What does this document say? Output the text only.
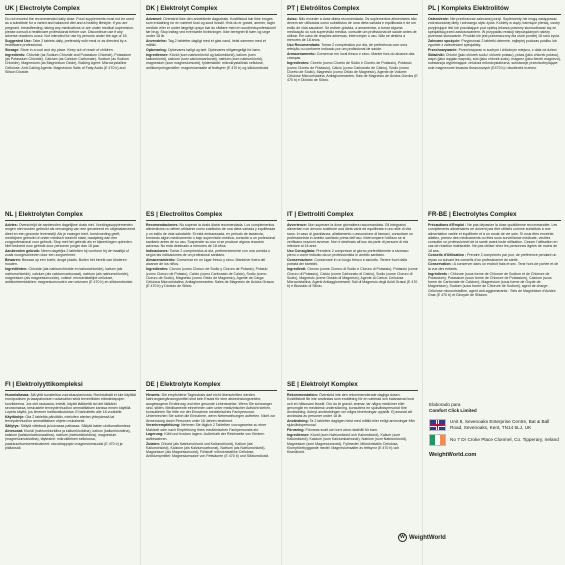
UK | Electrolyte Complex
Do not exceed the recommended daily dose. Food supplements must not be used as a substitute for a varied and balanced diet and a healthy lifestyle. If you are pregnant, breastfeeding, taking any medications or are under medical supervision, please consult a healthcare professional before use. Discontinue use if any adverse reactions occur. Not intended for use by persons under the age of 18.
Suggested Use: Take 2 tablets daily, preferably with meal or as directed by a healthcare professional.
Storage: Store in a cool and dry place. Keep out of reach of children.
Ingredients: Chloride (as Sodium Chloride and Potassium Chloride), Potassium (as Potassium Chloride), Calcium (as Calcium Carbonate), Sodium (as Sodium Chloride), Magnesium (as Magnesium Oxide), Bulking Agent: Microcrystalline Cellulose, Anti-Caking Agents: Magnesium Salts of Fatty Acids (E 470 b) and Silicon Dioxide.
DK | Elektrolyt Complex
Advarsel: Overskrid ikke den anbefalede dagsdosis. Kosttilskud bør ikke bruges som erstatning for en varieret kost og sund livsstil. Hvis du er gravid, ammer, tager medicin eller er under lægeligt opsyn bør du rådføre med en sundhedsprofessionel før brug. Stop indtag ved eventuelle bivirkninger. Ikke beregnet til børn og unge under 18 år.
Anvendelse: Tag 2 tabletter dagligt med et glas vand, helst sammen med et måltid.
Opbevaring: Opbevares køligt og tørt. Opbevares utilgængeligt for børn.
Ingredienser: Klorid (som natriumklorid og kaliumklorid), kalium (som kaliumklorid), calcium (som calciumcarbonat), natrium (som natriumklorid), magnesium (som magnesiumoxid), fyldemiddel: mikrokrystallinsk cellulose, antiklumpningsmidler: magnesiumsalte af fedtsyrer (E 470 b) og siliciumdioxid.
PT | Eletrólitos Complex
Aviso: Não exceder a dose diária recomendada. Os suplementos alimentares não devem ser utilizados como substitutos de uma dieta variada e equilibrada e de um estilo de vida saudável. Se estiver grávida, a amamentar, a tomar alguma medicação ou sob supervisão médica, consulte um profissional de saúde antes de utilizar. Em caso de reações adversas, interromper o uso. Não se destina a menores de 18 anos.
Uso Recomendado: Tomar 2 comprimidos por dia, de preferência com uma refeição ou conforme indicado por um profissional de saúde.
Armazenamento: Conservar em local fresco e seco. Manter fora do alcance das crianças.
Ingredientes: Cloreto (como Cloreto de Sódio e Cloreto de Potássio), Potássio (como Cloreto de Potássio), Cálcio (como Carbonato de Cálcio), Sódio (como Cloreto de Sódio), Magnésio (como Óxido de Magnésio), Agente de Volume: Celulose Microcristalina, Antiaglomerantes: Sais de Magnésio de Ácidos Gordos (E 470 b) e Dióxido de Silício.
PL | Kompleks Elektrolitów
Ostrzeżenie: Nie przekraczać zalecanej porcji. Suplementy nie mogą zastępować zróżnicowanej diety i zdrowego stylu życia. Kobiety w ciąży, karmiące piersią, osoby przyjmujące leki lub pozostające pod opieką lekarza powinny skonsultować się ze specjalistą przed zastosowaniem. W przypadku reakcji niepożądanych należy przerwać stosowanie. Produkt nie jest przeznaczony dla osób poniżej 18 roku życia.
Zalecane spożycie: Przyjmować 2 tabletki dziennie, najlepiej podczas posiłku lub zgodnie z zaleceniami specjalisty.
Przechowywanie: Przechowywać w suchym i chłodnym miejscu, z dala od dzieci.
Składniki: Chlorki (jako chlorek sodu i chlorek potasu), potas (jako chlorek potasu), wapń (jako węglan wapnia), sód (jako chlorek sodu), magnez (jako tlenek magnezu), substancja wypełniająca: celuloza mikrokrystaliczna, substancje przeciwzbrylające: sole magnezowe kwasów tłuszczowych (E470 b) i dwutlenek krzemu.
NL | Elektrolyten Complex
Advies: Overschrijd de aanbevolen dagelijkse dosis niet. Voedingssupplementen mogen niet worden gebruikt als vervanging van een gevarieerd en uitgebalanceerd dieet en een gezonde levensstijl. Als je zwanger bent, borstvoeding geeft, medicijnen gebruikt of onder medisch toezicht staat, raadpleeg dan een zorgprofessional voor gebruik. Stop met het gebruik als er bijwerkingen optreden. Niet bedoeld voor gebruik door personen jonger dan 18 jaar.
Aanbevolen gebruik: Neem dagelijks 2 tabletten bij voorkeur bij de maaltijd of zoals voorgeschreven door een zorgverlener.
Bewaren: Bewaar op een koele, droge plaats. Buiten het bereik van kinderen houden.
Ingrediënten: Chloride (als natriumchloride en kaliumchloride), kalium (als natriumchloride), calcium (als calciumcarbonaat), natrium (als natriumchloride), magnesium (als magnesiumoxide), vulstof: microkristallijne cellulose, antiklontermiddelen: magnesiumzouten van vetzuren (E 470 b) en siliciumdioxide.
ES | Electrolitos Complex
Recomendaciones: No superar la dosis diaria recomendada. Los complementos alimenticios no deben utilizarse como sustitutos de una dieta variada y equilibrada y un estilo de vida saludable. Si está embarazada, en periodo de lactancia, tomando algún medicamento o bajo supervisión médica, consulte a un profesional sanitario antes de su uso. Suspender su uso si se produce alguna reacción adversa. No está destinado a menores de 18 años.
Indicaciones: Tomar 2 comprimidos al día, preferentemente con una comida o según las indicaciones de un profesional sanitario.
Almacenamiento: Conservar en un lugar fresco y seco. Mantener fuera del alcance de los niños.
Ingredientes: Cloruro (como Cloruro de Sodio y Cloruro de Potasio), Potasio (como Cloruro de Potasio), Calcio (como Carbonato de Calcio), Sodio (como Cloruro de Sodio), Magnesio (como Óxido de Magnesio), Agente de Carga: Celulosa Microcristalina, Antiaglomerantes: Sales de Magnesio de Ácidos Grasos (E 470 b) y Dióxido de Silicio.
IT | Elettroliti Complex
Avvertenze: Non superare la dose giornaliera raccomandata. Gli integratori alimentari non devono sostituire una dieta varia ed equilibrata e uno stile di vita sano. In caso di gravidanza, allattamento o assunzione di farmaci, consultare un professionista in ambito sanitario prima dell'uso. Interrompere l'utilizzo se si verificano reazioni avverse. Non è destinato all'uso da parte di persone di età inferiore ai 18 anni.
Uso Consigliato: Prendere 2 compresse al giorno preferibilmente a stomaco pieno o come indicato da un professionista in ambito sanitario.
Conservazione: Conservare in un luogo fresco e asciutto. Tenere fuori dalla portata dei bambini.
Ingredienti: Cloruro (come Cloruro di Sodio e Cloruro di Potassio), Potassio (come Cloruro di Potassio), Calcio (come Carbonato di Calcio), Sodio (come Cloruro di Sodio), Magnesio (come Ossido di Magnesio), Agente di Carica: Cellulosa Microcristallina, Agenti Antiagglomeranti: Sali di Magnesio degli Acidi Grassi (E 470 b) e Biossido di Silicio.
FR-BE | Électrolytes Complex
Précautions d'Emploi : Ne pas dépasser la dose quotidienne recommandée. Les compléments alimentaires ne doivent pas être utilisés comme substituts à une alimentation variée et équilibrée et à un mode de vie sain. Si vous êtes enceinte, allaitez, prenez des médicaments ou êtes sous surveillance médicale, veuillez consulter un professionnel de la santé avant toute utilisation. Cesser l'utilisation en cas de réaction indésirable. Ne pas utiliser chez les personnes âgées de moins de 18 ans.
Conseils d'Utilisation : Prendre 2 comprimés par jour, de préférence pendant un repas ou suivant les conseils d'un professionnel de santé.
Conservation : A conserver dans un endroit frais et sec. Tenir hors de portée et de la vue des enfants.
Ingrédients : Chlorure (sous forme de Chlorure de Sodium et de Chlorure de Potassium), Potassium (sous forme de Chlorure de Potassium), Calcium (sous forme de Carbonate de Calcium), Magnésium (sous forme de Oxyde de Magnésium), Sodium (sous forme de Chlorure de Sodium), agent de charge : Cellulose microcristalline, agent anti-agglomérants : Sels de Magnésium d'Acides Gras (E 470 b) et Dioxyde de Silicium.
FI | Elektrolyyttikompleksi
Huomioitavaa: Älä ylitä suositeltua vuorokausiannosta. Ravintolisää ei tule käyttää monipuolisen ja tasapainoisen ruokavalion sekä terveellisten elämäntapojen korvikkeena. Jos olet raskaana, imetät, käytät lääkkeitä tai olet lääkärin seurannassa, keskustele terveydenhuollon ammattilaisen kanssa ennen käyttöä. Lopeta käyttö, jos ilmenee haittavaikutuksia. Ei tarkoitettu alle 18-vuotiaille.
Käyttöohje: Ota 2 tablettia päivittäin, mieluiten aterian yhteydessä tai terveydenhuollon ammattilaisen ohjeen mukaisesti.
Säilytys: Säilytä viileässä ja kuivassa paikassa. Säilytä lasten ulottumattomissa.
Ainesosat: Kloridi (natriumkloridina ja kaliumkloridina), kalium (kaliumkloridina), kalsium (kalsiumkarbonaattina), natrium (natriumkloridina), magnesium (magnesiumoksidina), täyteaine: mikrokiteinen selluloosa, paakkuuntumisenestoaineet: rasvahappojen magnesiumsuolat (E 470 b) ja piidioksidi.
DE | Elektrolyte Komplex
Hinweis: Die empfohlene Tagesdosis darf nicht überschritten werden. Nahrungsergänzungsmittel sind kein Ersatz für eine abwechslungsreiche, ausgewogene Ernährung und eine gesunde Lebensweise. Wenn Sie schwanger sind, stillen, Medikamente einnehmen oder unter medizinischer Aufsicht stehen, konsultieren Sie bitte vor der Einnahme medizinisches Fachpersonal. Unterbrechen Sie sofort die Einnahme, wenn Nebenwirkungen auftreten. Nicht zur Anwendung durch Personen unter 18 Jahren bestimmt.
Verzehrempfehlung: Nehmen Sie täglich 2 Tabletten vorzugsweise zu einer Mahlzeit oder nach Empfehlung Ihres medizinischen Fachpersonals ein.
Lagerung: Kühl und trocken lagern. Außerhalb der Reichweite von Kindern aufbewahren.
Zutaten: Chlorid (als Natriumchlorid und Kaliumchlorid), Kalium (als Kaliumchlorid), Kalzium (als Kalziumcarbonat), Natrium (als Natriumchlorid), Magnesium (als Magnesiumoxid), Füllstoff: mikrokristalline Cellulose, Antiklumpmittel: Magnesiumsalze von Fettsäuren (E 470 b) und Siliziumdioxid.
SE | Elektrolyt Komplex
Rekommendation: Överskrid inte den rekommenderade dagliga dosen. Kosttillskott får inte användas som ersättning för en varierad och balanserad kost och en hälsosam livsstil. Om du är gravid, ammar, tar några mediciner eller genomgår en medicinsk undersökning, konsultera en sjukvårdspersonal före användning. Avbryt användningen om några biverkningar uppstår. Ej avsedd att användas av personer under 18 år.
Användning: Ta 2 tabletter dagligen helst med måltid eller enligt anvisningar från sjukvårdspersonal.
Förvaring: Förvaras svalt och torrt utom räckhåll för barn.
Ingredienser: Klorid (som Natriumklorid och Kaliumklorid), Kalium (som Kaliumklorid), Kalcium (som Kalciumkarbonat), Natrium (som Natriumklorid), Magnesium (som Magnesiumoxid), Fyllmedel: Mikrokristallin Cellulosa, Klumpförebyggande medel: Magnesiumsalter av fettsyror (E 470 b) och Kiseldioxid.
Elaborado para
Comfort Click Limited
Unit 8, Sevenoaks Enterprise Centre, Bat & Ball Road, Sevenoaks, Kent, TN14 5LJ, UK
No 7 Dr Croke Place Clonmel, Co. Tipperary, Ireland
WeightWorld.com
w WeightWorld
